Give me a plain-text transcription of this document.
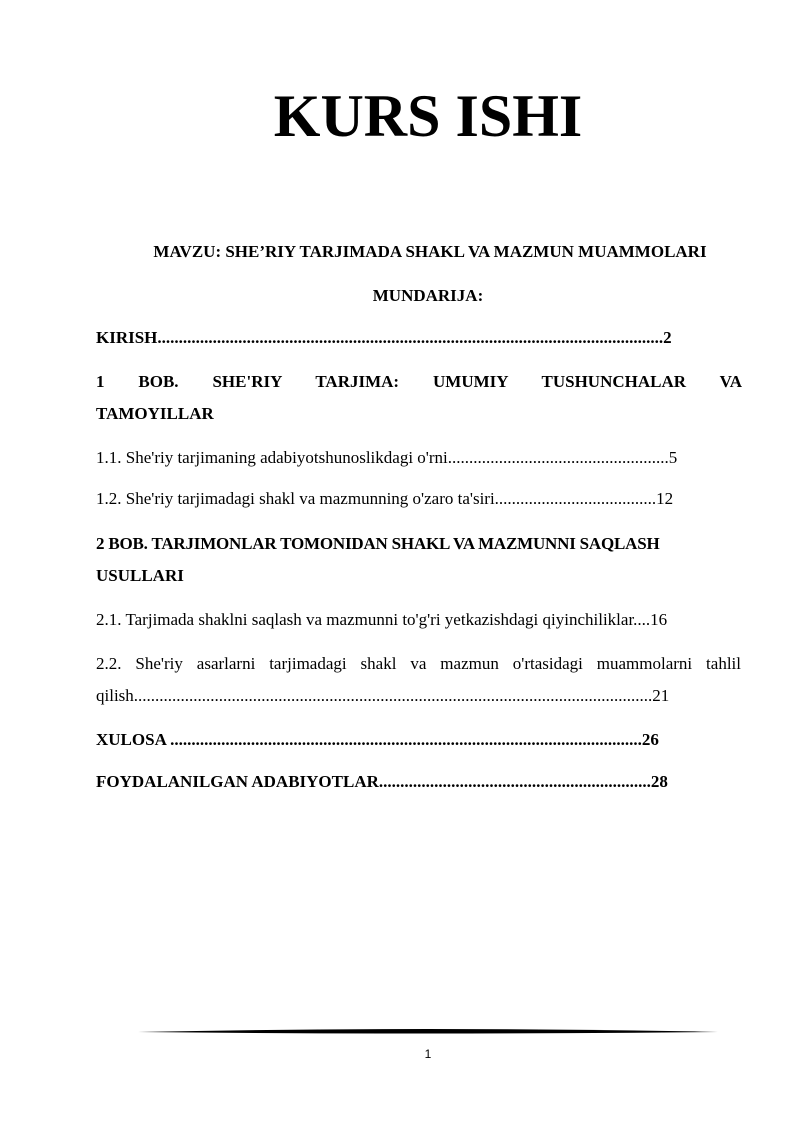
KURS ISHI
MAVZU: SHE’RIY TARJIMADA SHAKL VA MAZMUN MUAMMOLARI
MUNDARIJA:
KIRISH.......................................................................................................................2
1 BOB. SHE'RIY TARJIMA: UMUMIY TUSHUNCHALAR VA
TAMOYILLAR
1.1. She'riy tarjimaning adabiyotshunoslikdagi o'rni....................................................5
1.2. She'riy tarjimadagi shakl va mazmunning o'zaro ta'siri......................................12
2 BOB. TARJIMONLAR TOMONIDAN SHAKL VA MAZMUNNI SAQLASH
USULLARI
2.1. Tarjimada shaklni saqlash va mazmunni to'g'ri yetkazishdagi qiyinchiliklar....16
2.2. She'riy asarlarni tarjimadagi shakl va mazmun o'rtasidagi muammolarni tahlil
qilish..........................................................................................................................21
XULOSA ...............................................................................................................26
FOYDALANILGAN ADABIYOTLAR................................................................28
1
